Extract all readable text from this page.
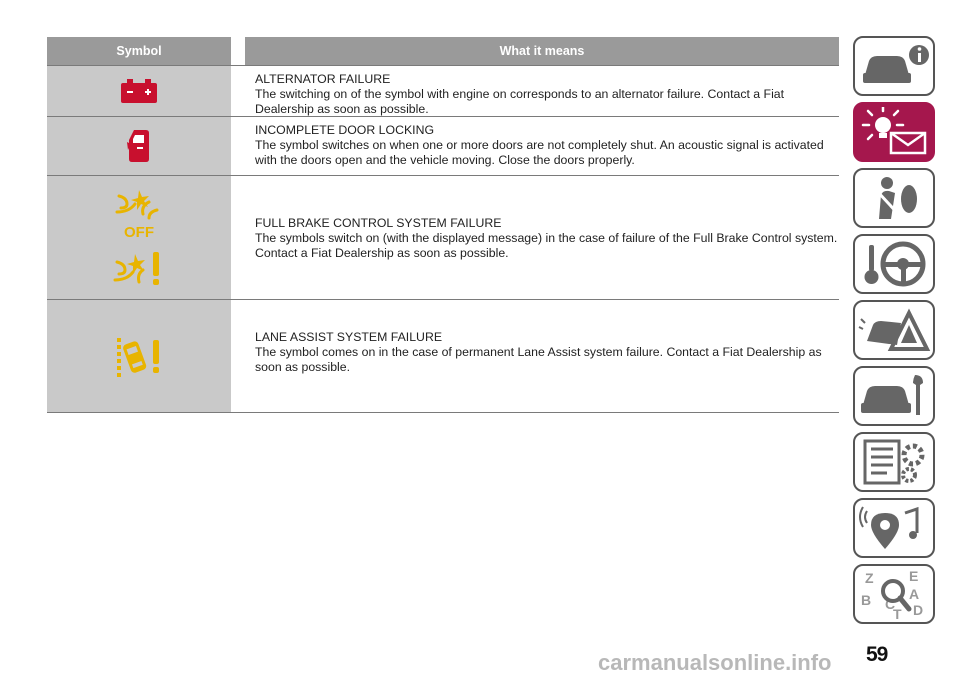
Symbol	What it means

ALTERNATOR FAILURE

The switching on of the symbol with engine on corresponds to an alternator failure. Contact a Fiat Dealership as soon as possible.

INCOMPLETE DOOR LOCKING

The symbol switches on when one or more doors are not completely shut. An acoustic signal is activated with the doors open and the vehicle moving. Close the doors properly.

OFF

FULL BRAKE CONTROL SYSTEM FAILURE

The symbols switch on (with the displayed message) in the case of failure of the Full Brake Control system. Contact a Fiat Dealership as soon as possible.

LANE ASSIST SYSTEM FAILURE

The symbol comes on in the case of permanent Lane Assist system failure. Contact a Fiat Dealership as soon as possible.

Z	E
A
B C D
T
59
carmanualsonline.info
